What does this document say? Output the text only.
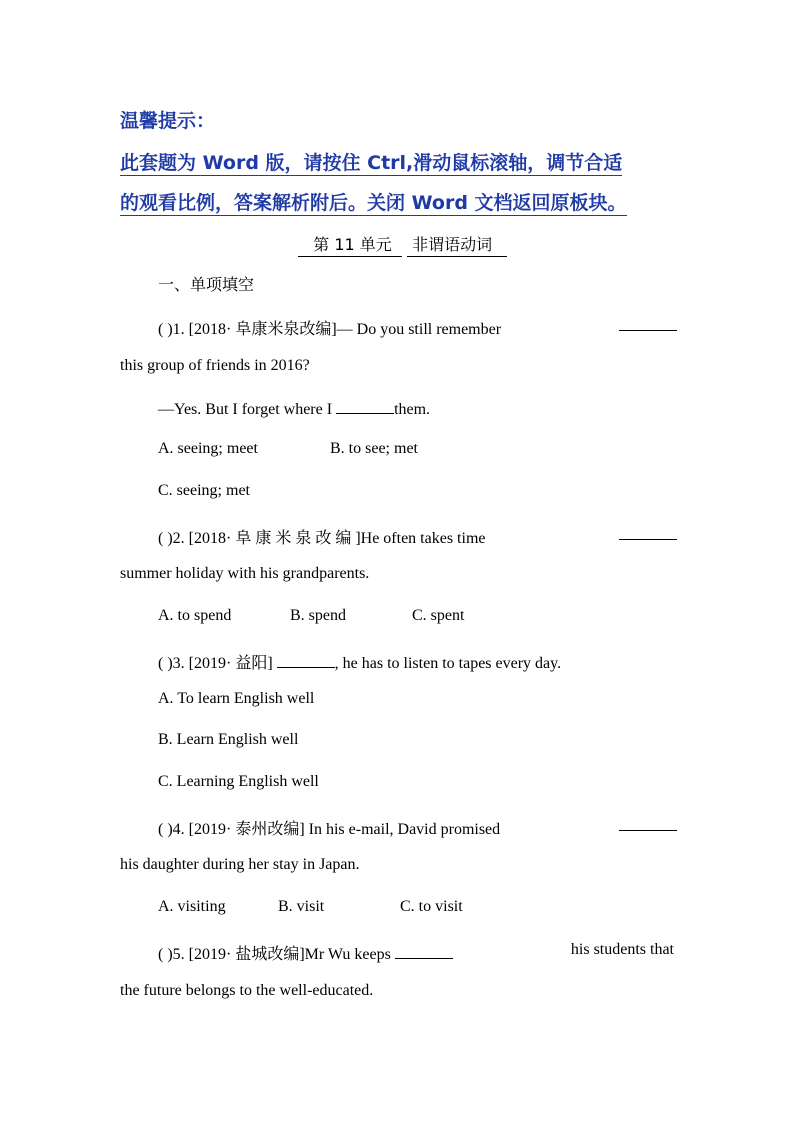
温馨提示：
此套题为 Word 版，请按住 Ctrl,滑动鼠标滚轴，调节合适
的观看比例，答案解析附后。关闭 Word 文档返回原板块。
第 11 单元 非谓语动词
一、单项填空
( )1. [2018· 阜康米泉改编]— Do you still remember
this group of friends in 2016?
—Yes. But I forget where I	them.
A. seeing; meet	B. to see; met
C. seeing; met
( )2. [2018· 阜 康 米 泉 改 编 ]He often takes time
summer holiday with his grandparents.
A. to spend	B. spend	C. spent
( )3. [2019· 益阳]	, he has to listen to tapes every day.
A. To learn English well
B. Learn English well
C. Learning English well
( )4. [2019· 泰州改编] In his e-mail, David promised
his daughter during her stay in Japan.
A. visiting	B. visit	C. to visit
( )5. [2019· 盐城改编]Mr Wu keeps	his students that
the future belongs to the well-educated.
